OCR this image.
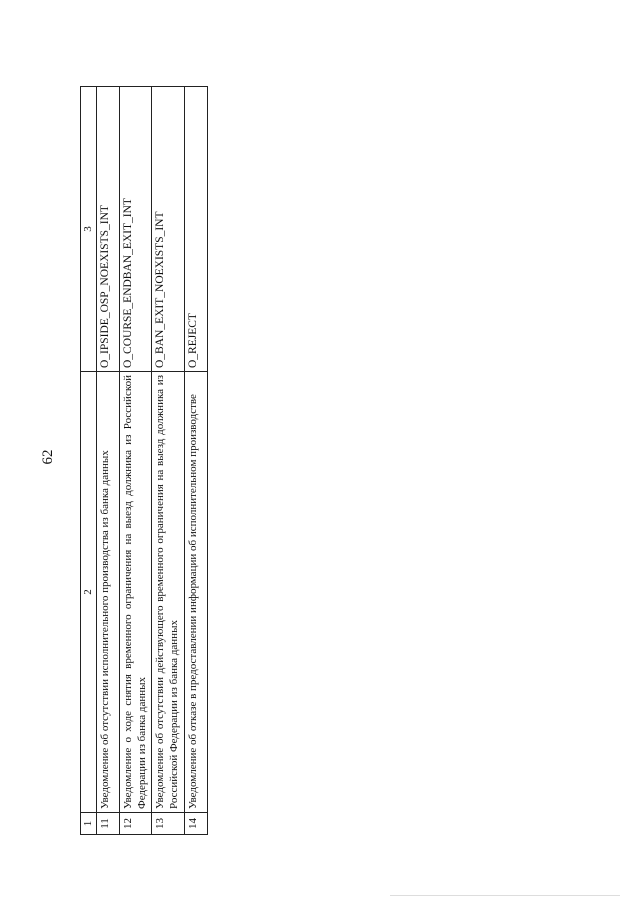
62
1	2	3
11	Уведомление об отсутствии исполнительного производства из банка данных	O_IPSIDE_OSP_NOEXISTS_INT
12	Уведомление о ходе снятия временного ограничения на выезд должника из Российской Федерации из банка данных	O_COURSE_ENDBAN_EXIT_INT
13	Уведомление об отсутствии действующего временного ограничения на выезд должника из Российской Федерации из банка данных	O_BAN_EXIT_NOEXISTS_INT
14	Уведомление об отказе в предоставлении информации об исполнительном производстве	O_REJECT
